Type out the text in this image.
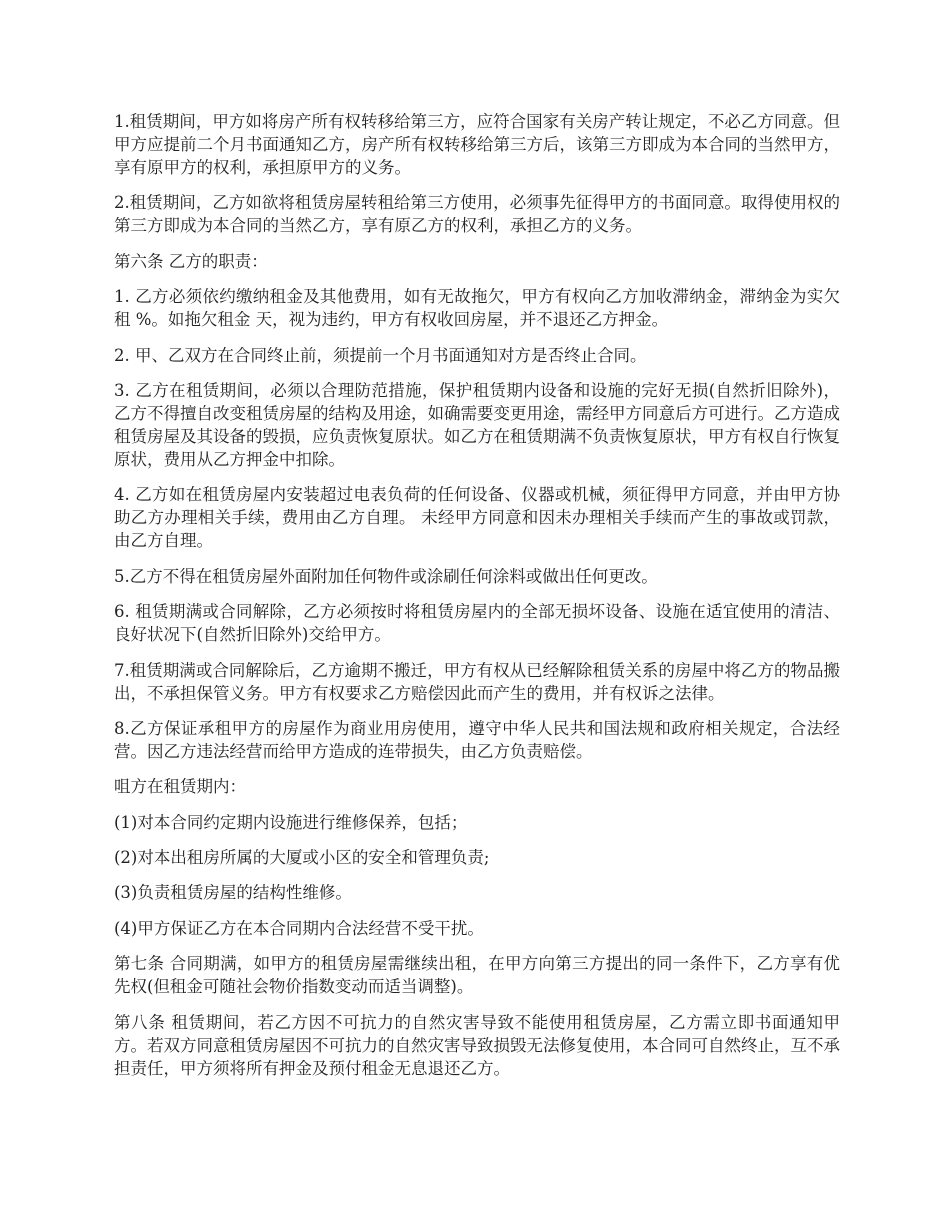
1.租赁期间，甲方如将房产所有权转移给第三方，应符合国家有关房产转让规定，不必乙方同意。但甲方应提前二个月书面通知乙方，房产所有权转移给第三方后，该第三方即成为本合同的当然甲方，享有原甲方的权利，承担原甲方的义务。

2.租赁期间，乙方如欲将租赁房屋转租给第三方使用，必须事先征得甲方的书面同意。取得使用权的第三方即成为本合同的当然乙方，享有原乙方的权利，承担乙方的义务。

第六条 乙方的职责：

1. 乙方必须依约缴纳租金及其他费用，如有无故拖欠，甲方有权向乙方加收滞纳金，滞纳金为实欠租 %。如拖欠租金 天，视为违约，甲方有权收回房屋，并不退还乙方押金。

2. 甲、乙双方在合同终止前，须提前一个月书面通知对方是否终止合同。

3. 乙方在租赁期间，必须以合理防范措施，保护租赁期内设备和设施的完好无损(自然折旧除外)，乙方不得擅自改变租赁房屋的结构及用途，如确需要变更用途，需经甲方同意后方可进行。乙方造成租赁房屋及其设备的毁损，应负责恢复原状。如乙方在租赁期满不负责恢复原状，甲方有权自行恢复原状，费用从乙方押金中扣除。

4. 乙方如在租赁房屋内安装超过电表负荷的任何设备、仪器或机械，须征得甲方同意，并由甲方协助乙方办理相关手续，费用由乙方自理。 未经甲方同意和因未办理相关手续而产生的事故或罚款，由乙方自理。

5.乙方不得在租赁房屋外面附加任何物件或涂刷任何涂料或做出任何更改。

6. 租赁期满或合同解除，乙方必须按时将租赁房屋内的全部无损坏设备、设施在适宜使用的清洁、良好状况下(自然折旧除外)交给甲方。

7.租赁期满或合同解除后，乙方逾期不搬迁，甲方有权从已经解除租赁关系的房屋中将乙方的物品搬出，不承担保管义务。甲方有权要求乙方赔偿因此而产生的费用，并有权诉之法律。

8.乙方保证承租甲方的房屋作为商业用房使用，遵守中华人民共和国法规和政府相关规定，合法经营。因乙方违法经营而给甲方造成的连带损失，由乙方负责赔偿。

咀方在租赁期内：

(1)对本合同约定期内设施进行维修保养，包括；

(2)对本出租房所属的大厦或小区的安全和管理负责;

(3)负责租赁房屋的结构性维修。

(4)甲方保证乙方在本合同期内合法经营不受干扰。

第七条 合同期满，如甲方的租赁房屋需继续出租，在甲方向第三方提出的同一条件下，乙方享有优先权(但租金可随社会物价指数变动而适当调整)。

第八条 租赁期间，若乙方因不可抗力的自然灾害导致不能使用租赁房屋，乙方需立即书面通知甲方。若双方同意租赁房屋因不可抗力的自然灾害导致损毁无法修复使用，本合同可自然终止，互不承担责任，甲方须将所有押金及预付租金无息退还乙方。
